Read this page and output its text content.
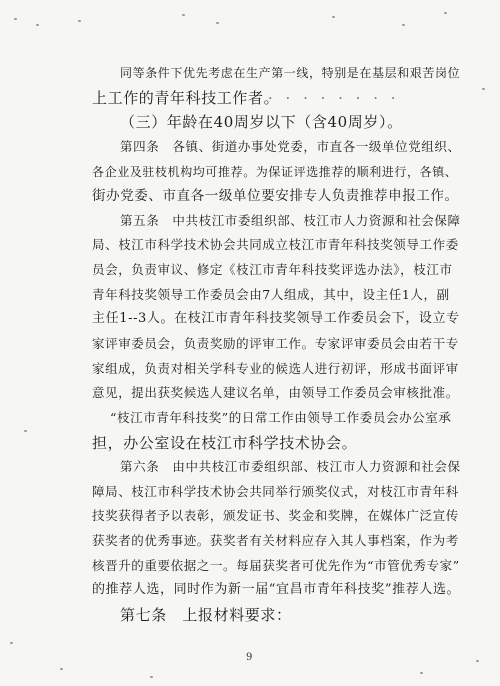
同等条件下优先考虑在生产第一线，特别是在基层和艰苦岗位
上工作的青年科技工作者。
· · · · · · · ·
（三）年龄在40周岁以下（含40周岁）。
第四条　各镇、街道办事处党委，市直各一级单位党组织、
各企业及驻枝机构均可推荐。为保证评选推荐的顺利进行，各镇、
街办党委、市直各一级单位要安排专人负责推荐申报工作。
第五条　中共枝江市委组织部、枝江市人力资源和社会保障
局、枝江市科学技术协会共同成立枝江市青年科技奖领导工作委
员会，负责审议、修定《枝江市青年科技奖评选办法》，枝江市
青年科技奖领导工作委员会由7人组成，其中，设主任1人，副
主任1--3人。在枝江市青年科技奖领导工作委员会下，设立专
家评审委员会，负责奖励的评审工作。专家评审委员会由若干专
家组成，负责对相关学科专业的候选人进行初评，形成书面评审
意见，提出获奖候选人建议名单，由领导工作委员会审核批准。
“枝江市青年科技奖”的日常工作由领导工作委员会办公室承
担，办公室设在枝江市科学技术协会。
第六条　由中共枝江市委组织部、枝江市人力资源和社会保
障局、枝江市科学技术协会共同举行颁奖仪式，对枝江市青年科
技奖获得者予以表彰，颁发证书、奖金和奖牌，在媒体广泛宣传
获奖者的优秀事迹。获奖者有关材料应存入其人事档案，作为考
核晋升的重要依据之一。每届获奖者可优先作为“市管优秀专家”
的推荐人选，同时作为新一届“宜昌市青年科技奖”推荐人选。
第七条　上报材料要求：
9
